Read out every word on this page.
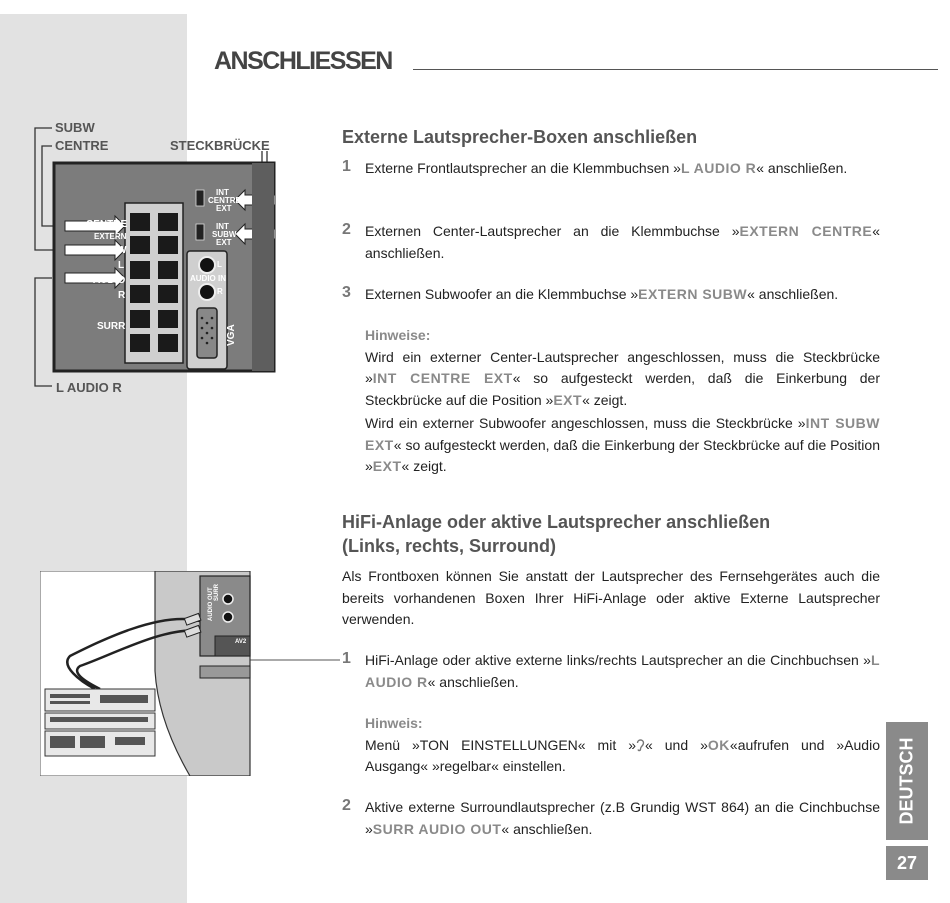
ANSCHLIESSEN
SUBW
CENTRE	STECKBRÜCKE
CENTRE
EXTERN
SUBW
L
AUDIO
R
SURR
INT
CENTRE
EXT
INT
SUBW
EXT
L
AUDIO IN
R
VGA
L AUDIO R
Externe Lautsprecher-Boxen anschließen
1 Externe Frontlautsprecher an die Klemmbuchsen »L AUDIO R« anschließen.
2 Externen Center-Lautsprecher an die Klemmbuchse »EXTERN CENTRE« anschließen.
3 Externen Subwoofer an die Klemmbuchse »EXTERN SUBW« anschließen.
Hinweise:
Wird ein externer Center-Lautsprecher angeschlossen, muss die Steckbrücke »INT CENTRE EXT« so aufgesteckt werden, daß die Einkerbung der Steckbrücke auf die Position »EXT« zeigt.
Wird ein externer Subwoofer angeschlossen, muss die Steckbrücke »INT SUBW EXT« so aufgesteckt werden, daß die Einkerbung der Steckbrücke auf die Position »EXT« zeigt.
HiFi-Anlage oder aktive Lautsprecher anschließen
(Links, rechts, Surround)
Als Frontboxen können Sie anstatt der Lautsprecher des Fernsehgerätes auch die bereits vorhandenen Boxen Ihrer HiFi-Anlage oder aktive Externe Lautsprecher verwenden.
1 HiFi-Anlage oder aktive externe links/rechts Lautsprecher an die Cinchbuchsen »L AUDIO R« anschließen.
Hinweis:
Menü »TON EINSTELLUNGEN« mit » « und »OK«aufrufen und »Audio Ausgang« »regelbar« einstellen.
2 Aktive externe Surroundlautsprecher (z.B Grundig WST 864) an die Cinchbuchse »SURR AUDIO OUT« anschließen.
AUDIO OUT SURR
AV2
DEUTSCH
27
